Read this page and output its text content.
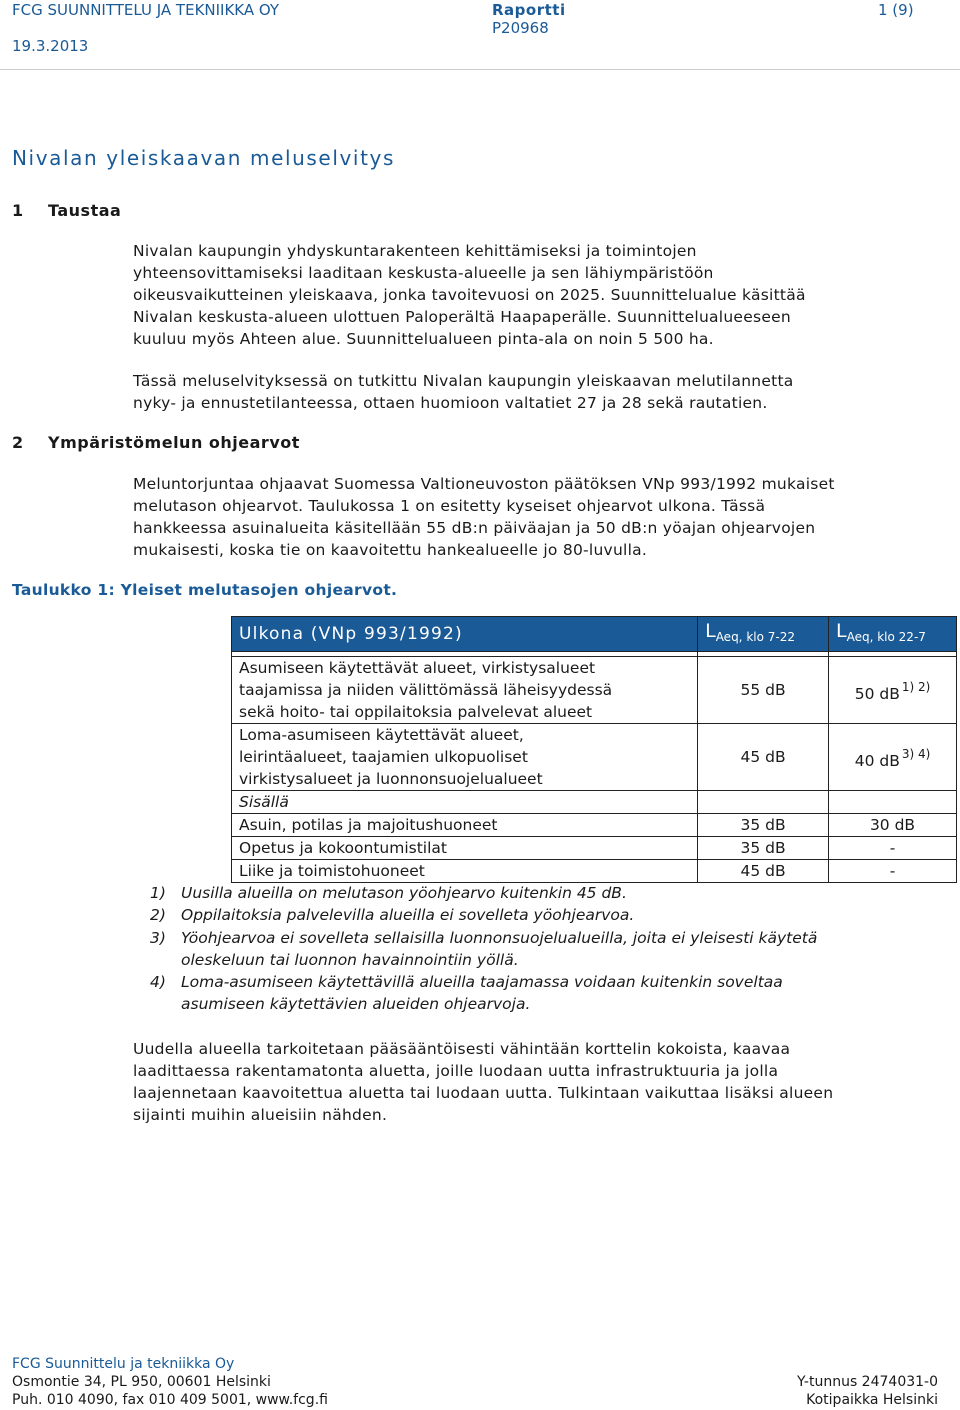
FCG SUUNNITTELU JA TEKNIIKKA OY
19.3.2013
Raportti
P20968
1 (9)
Nivalan yleiskaavan meluselvitys
1 Taustaa
Nivalan kaupungin yhdyskuntarakenteen kehittämiseksi ja toimintojen
yhteensovittamiseksi laaditaan keskusta-alueelle ja sen lähiympäristöön
oikeusvaikutteinen yleiskaava, jonka tavoitevuosi on 2025. Suunnittelualue käsittää
Nivalan keskusta-alueen ulottuen Paloperältä Haapaperälle. Suunnittelualueeseen
kuuluu myös Ahteen alue. Suunnittelualueen pinta-ala on noin 5 500 ha.
Tässä meluselvityksessä on tutkittu Nivalan kaupungin yleiskaavan melutilannetta
nyky- ja ennustetilanteessa, ottaen huomioon valtatiet 27 ja 28 sekä rautatien.
2 Ympäristömelun ohjearvot
Meluntorjuntaa ohjaavat Suomessa Valtioneuvoston päätöksen VNp 993/1992 mukaiset
melutason ohjearvot. Taulukossa 1 on esitetty kyseiset ohjearvot ulkona. Tässä
hankkeessa asuinalueita käsitellään 55 dB:n päiväajan ja 50 dB:n yöajan ohjearvojen
mukaisesti, koska tie on kaavoitettu hankealueelle jo 80-luvulla.
Taulukko 1: Yleiset melutasojen ohjearvot.
Ulkona (VNp 993/1992)	$L_{Aeq, klo 7-22}$	$L_{Aeq, klo 22-7}$

Asumiseen käytettävät alueet, virkistysalueet
taajamissa ja niiden välittömässä läheisyydessä
sekä hoito- tai oppilaitoksia palvelevat alueet	55 dB	50 dB $^{1) 2)}$

Loma-asumiseen käytettävät alueet,
leirintäalueet, taajamien ulkopuoliset
virkistysalueet ja luonnonsuojelualueet	45 dB	40 dB $^{3) 4)}$
Sisällä		
Asuin, potilas ja majoitushuoneet	35 dB	30 dB
Opetus ja kokoontumistilat	35 dB	-
Liike ja toimistohuoneet	45 dB	-
1) Uusilla alueilla on melutason yöohjearvo kuitenkin 45 dB.
2) Oppilaitoksia palvelevilla alueilla ei sovelleta yöohjearvoa.
3) Yöohjearvoa ei sovelleta sellaisilla luonnonsuojelualueilla, joita ei yleisesti käytetä
oleskeluun tai luonnon havainnointiin yöllä.
4) Loma-asumiseen käytettävillä alueilla taajamassa voidaan kuitenkin soveltaa
asumiseen käytettävien alueiden ohjearvoja.
Uudella alueella tarkoitetaan pääsääntöisesti vähintään korttelin kokoista, kaavaa
laadittaessa rakentamatonta aluetta, joille luodaan uutta infrastruktuuria ja jolla
laajennetaan kaavoitettua aluetta tai luodaan uutta. Tulkintaan vaikuttaa lisäksi alueen
sijainti muihin alueisiin nähden.
FCG Suunnittelu ja tekniikka Oy
Osmontie 34, PL 950, 00601 Helsinki
Puh. 010 4090, fax 010 409 5001, www.fcg.fi
Y-tunnus 2474031-0
Kotipaikka Helsinki
